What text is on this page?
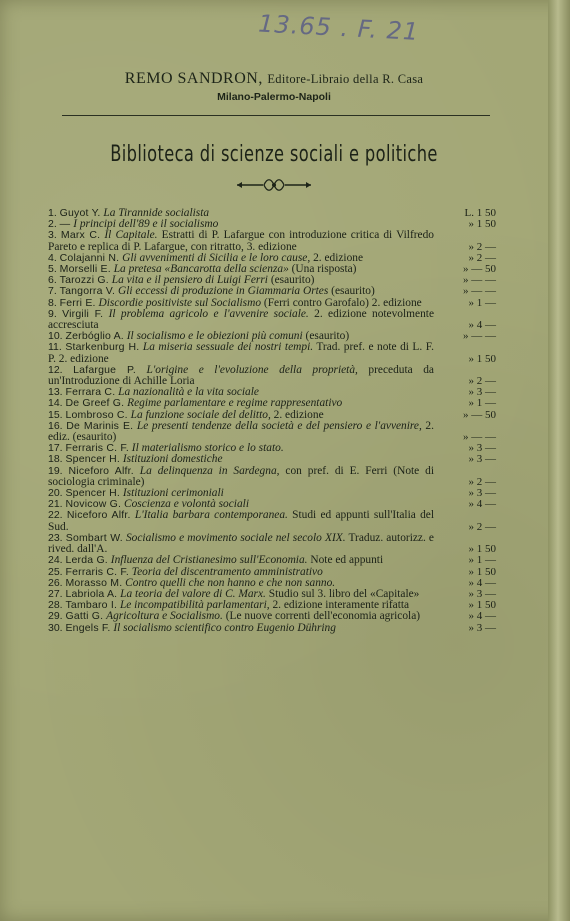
13.65 . F. 21
REMO SANDRON, Editore-Libraio della R. Casa
Milano-Palermo-Napoli
Biblioteca di scienze sociali e politiche
1. Guyot Y. La Tirannide socialista	L. 1 50
2. — I principi dell'89 e il socialismo	» 1 50
3. Marx C. Il Capitale. Estratti di P. Lafargue con introduzione critica di Vilfredo Pareto e replica di P. Lafargue, con ritratto, 3. edizione	» 2 —
4. Colajanni N. Gli avvenimenti di Sicilia e le loro cause, 2. edizione	» 2 —
5. Morselli E. La pretesa «Bancarotta della scienza» (Una risposta)	» — 50
6. Tarozzi G. La vita e il pensiero di Luigi Ferri (esaurito)	» — —
7. Tangorra V. Gli eccessi di produzione in Giammaria Ortes (esaurito)	» — —
8. Ferri E. Discordie positiviste sul Socialismo (Ferri contro Garofalo) 2. edizione	» 1 —
9. Virgili F. Il problema agricolo e l'avvenire sociale. 2. edizione notevolmente accresciuta	» 4 —
10. Zerbóglio A. Il socialismo e le obiezioni più comuni (esaurito)	» — —
11. Starkenburg H. La miseria sessuale dei nostri tempi. Trad. pref. e note di L. F. P. 2. edizione	» 1 50
12. Lafargue P. L'origine e l'evoluzione della proprietà, preceduta da un'Introduzione di Achille Loria	» 2 —
13. Ferrara C. La nazionalità e la vita sociale	» 3 —
14. De Greef G. Regime parlamentare e regime rappresentativo	» 1 —
15. Lombroso C. La funzione sociale del delitto, 2. edizione	» — 50
16. De Marinis E. Le presenti tendenze della società e del pensiero e l'avvenire, 2. ediz. (esaurito)	» — —
17. Ferraris C. F. Il materialismo storico e lo stato.	» 3 —
18. Spencer H. Istituzioni domestiche	» 3 —
19. Niceforo Alfr. La delinquenza in Sardegna, con pref. di E. Ferri (Note di sociologia criminale)	» 2 —
20. Spencer H. Istituzioni cerimoniali	» 3 —
21. Novicow G. Coscienza e volontà sociali	» 4 —
22. Niceforo Alfr. L'Italia barbara contemporanea. Studi ed appunti sull'Italia del Sud.	» 2 —
23. Sombart W. Socialismo e movimento sociale nel secolo XIX. Traduz. autorizz. e rived. dall'A.	» 1 50
24. Lerda G. Influenza del Cristianesimo sull'Economia. Note ed appunti	» 1 —
25. Ferraris C. F. Teoria del discentramento amministrativo	» 1 50
26. Morasso M. Contro quelli che non hanno e che non sanno.	» 4 —
27. Labriola A. La teoria del valore di C. Marx. Studio sul 3. libro del «Capitale»	» 3 —
28. Tambaro I. Le incompatibilità parlamentari, 2. edizione interamente rifatta	» 1 50
29. Gatti G. Agricoltura e Socialismo. (Le nuove correnti dell'economia agricola)	» 4 —
30. Engels F. Il socialismo scientifico contro Eugenio Dühring	» 3 —
